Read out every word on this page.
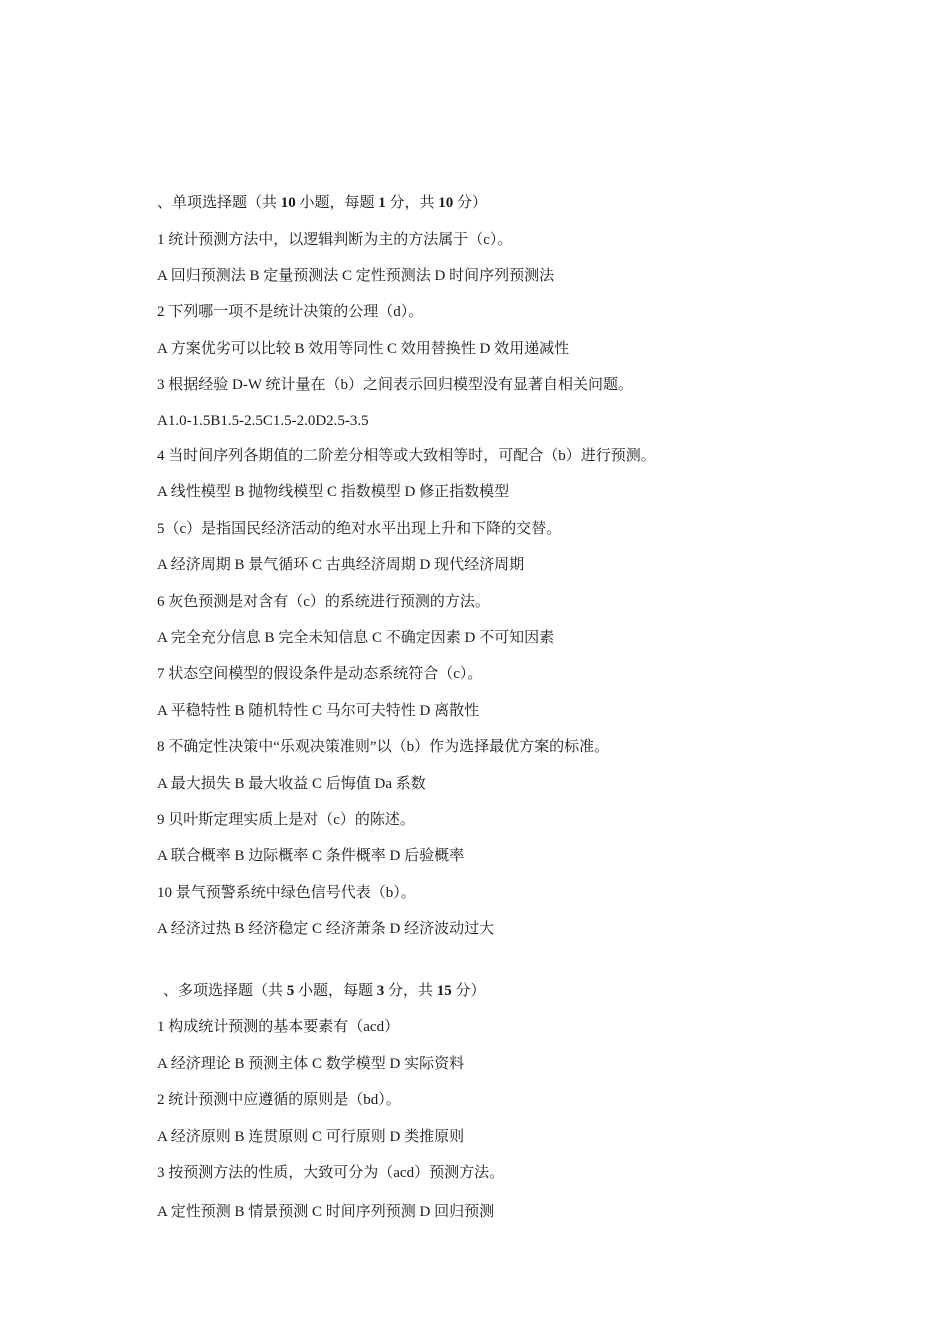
、单项选择题（共 10 小题，每题 1 分，共 10 分）
1 统计预测方法中，以逻辑判断为主的方法属于（c）。
A 回归预测法 B 定量预测法 C 定性预测法 D 时间序列预测法
2 下列哪一项不是统计决策的公理（d）。
A 方案优劣可以比较 B 效用等同性 C 效用替换性 D 效用递减性
3 根据经验 D-W 统计量在（b）之间表示回归模型没有显著自相关问题。
A1.0-1.5B1.5-2.5C1.5-2.0D2.5-3.5
4 当时间序列各期值的二阶差分相等或大致相等时，可配合（b）进行预测。
A 线性模型 B 抛物线模型 C 指数模型 D 修正指数模型
5（c）是指国民经济活动的绝对水平出现上升和下降的交替。
A 经济周期 B 景气循环 C 古典经济周期 D 现代经济周期
6 灰色预测是对含有（c）的系统进行预测的方法。
A 完全充分信息 B 完全未知信息 C 不确定因素 D 不可知因素
7 状态空间模型的假设条件是动态系统符合（c）。
A 平稳特性 B 随机特性 C 马尔可夫特性 D 离散性
8 不确定性决策中“乐观决策准则”以（b）作为选择最优方案的标准。
A 最大损失 B 最大收益 C 后悔值 Da 系数
9 贝叶斯定理实质上是对（c）的陈述。
A 联合概率 B 边际概率 C 条件概率 D 后验概率
10 景气预警系统中绿色信号代表（b）。
A 经济过热 B 经济稳定 C 经济萧条 D 经济波动过大
、多项选择题（共 5 小题，每题 3 分，共 15 分）
1 构成统计预测的基本要素有（acd）
A 经济理论 B 预测主体 C 数学模型 D 实际资料
2 统计预测中应遵循的原则是（bd）。
A 经济原则 B 连贯原则 C 可行原则 D 类推原则
3 按预测方法的性质，大致可分为（acd）预测方法。
A 定性预测 B 情景预测 C 时间序列预测 D 回归预测
